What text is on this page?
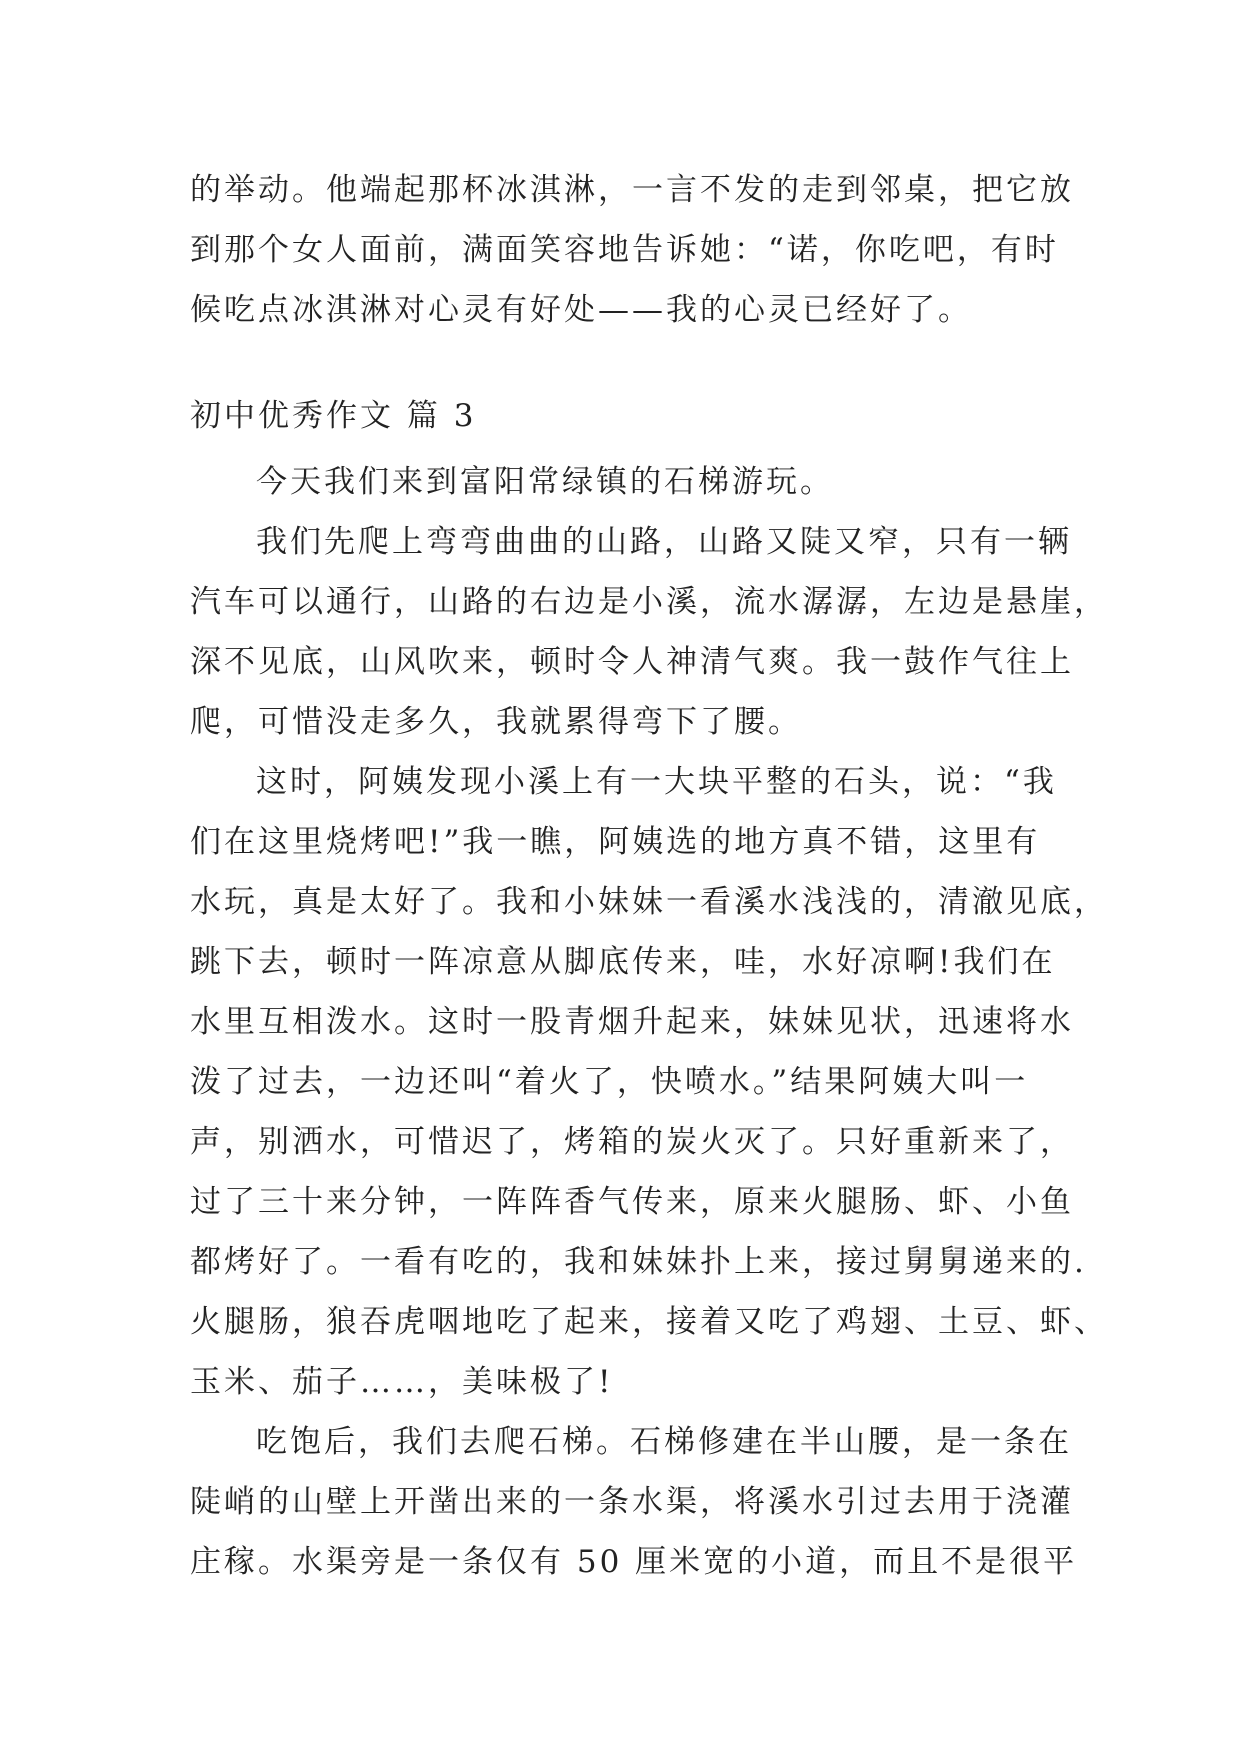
的举动。他端起那杯冰淇淋，一言不发的走到邻桌，把它放
到那个女人面前，满面笑容地告诉她：“诺，你吃吧，有时
候吃点冰淇淋对心灵有好处——我的心灵已经好了。
初中优秀作文 篇 3
今天我们来到富阳常绿镇的石梯游玩。
我们先爬上弯弯曲曲的山路，山路又陡又窄，只有一辆
汽车可以通行，山路的右边是小溪，流水潺潺，左边是悬崖，
深不见底，山风吹来，顿时令人神清气爽。我一鼓作气往上
爬，可惜没走多久，我就累得弯下了腰。
这时，阿姨发现小溪上有一大块平整的石头，说：“我
们在这里烧烤吧!”我一瞧，阿姨选的地方真不错，这里有
水玩，真是太好了。我和小妹妹一看溪水浅浅的，清澈见底，
跳下去，顿时一阵凉意从脚底传来，哇，水好凉啊!我们在
水里互相泼水。这时一股青烟升起来，妹妹见状，迅速将水
泼了过去，一边还叫“着火了，快喷水。”结果阿姨大叫一
声，别洒水，可惜迟了，烤箱的炭火灭了。只好重新来了，
过了三十来分钟，一阵阵香气传来，原来火腿肠、虾、小鱼
都烤好了。一看有吃的，我和妹妹扑上来，接过舅舅递来的.
火腿肠，狼吞虎咽地吃了起来，接着又吃了鸡翅、土豆、虾、
玉米、茄子……，美味极了!
吃饱后，我们去爬石梯。石梯修建在半山腰，是一条在
陡峭的山壁上开凿出来的一条水渠，将溪水引过去用于浇灌
庄稼。水渠旁是一条仅有 50 厘米宽的小道，而且不是很平
